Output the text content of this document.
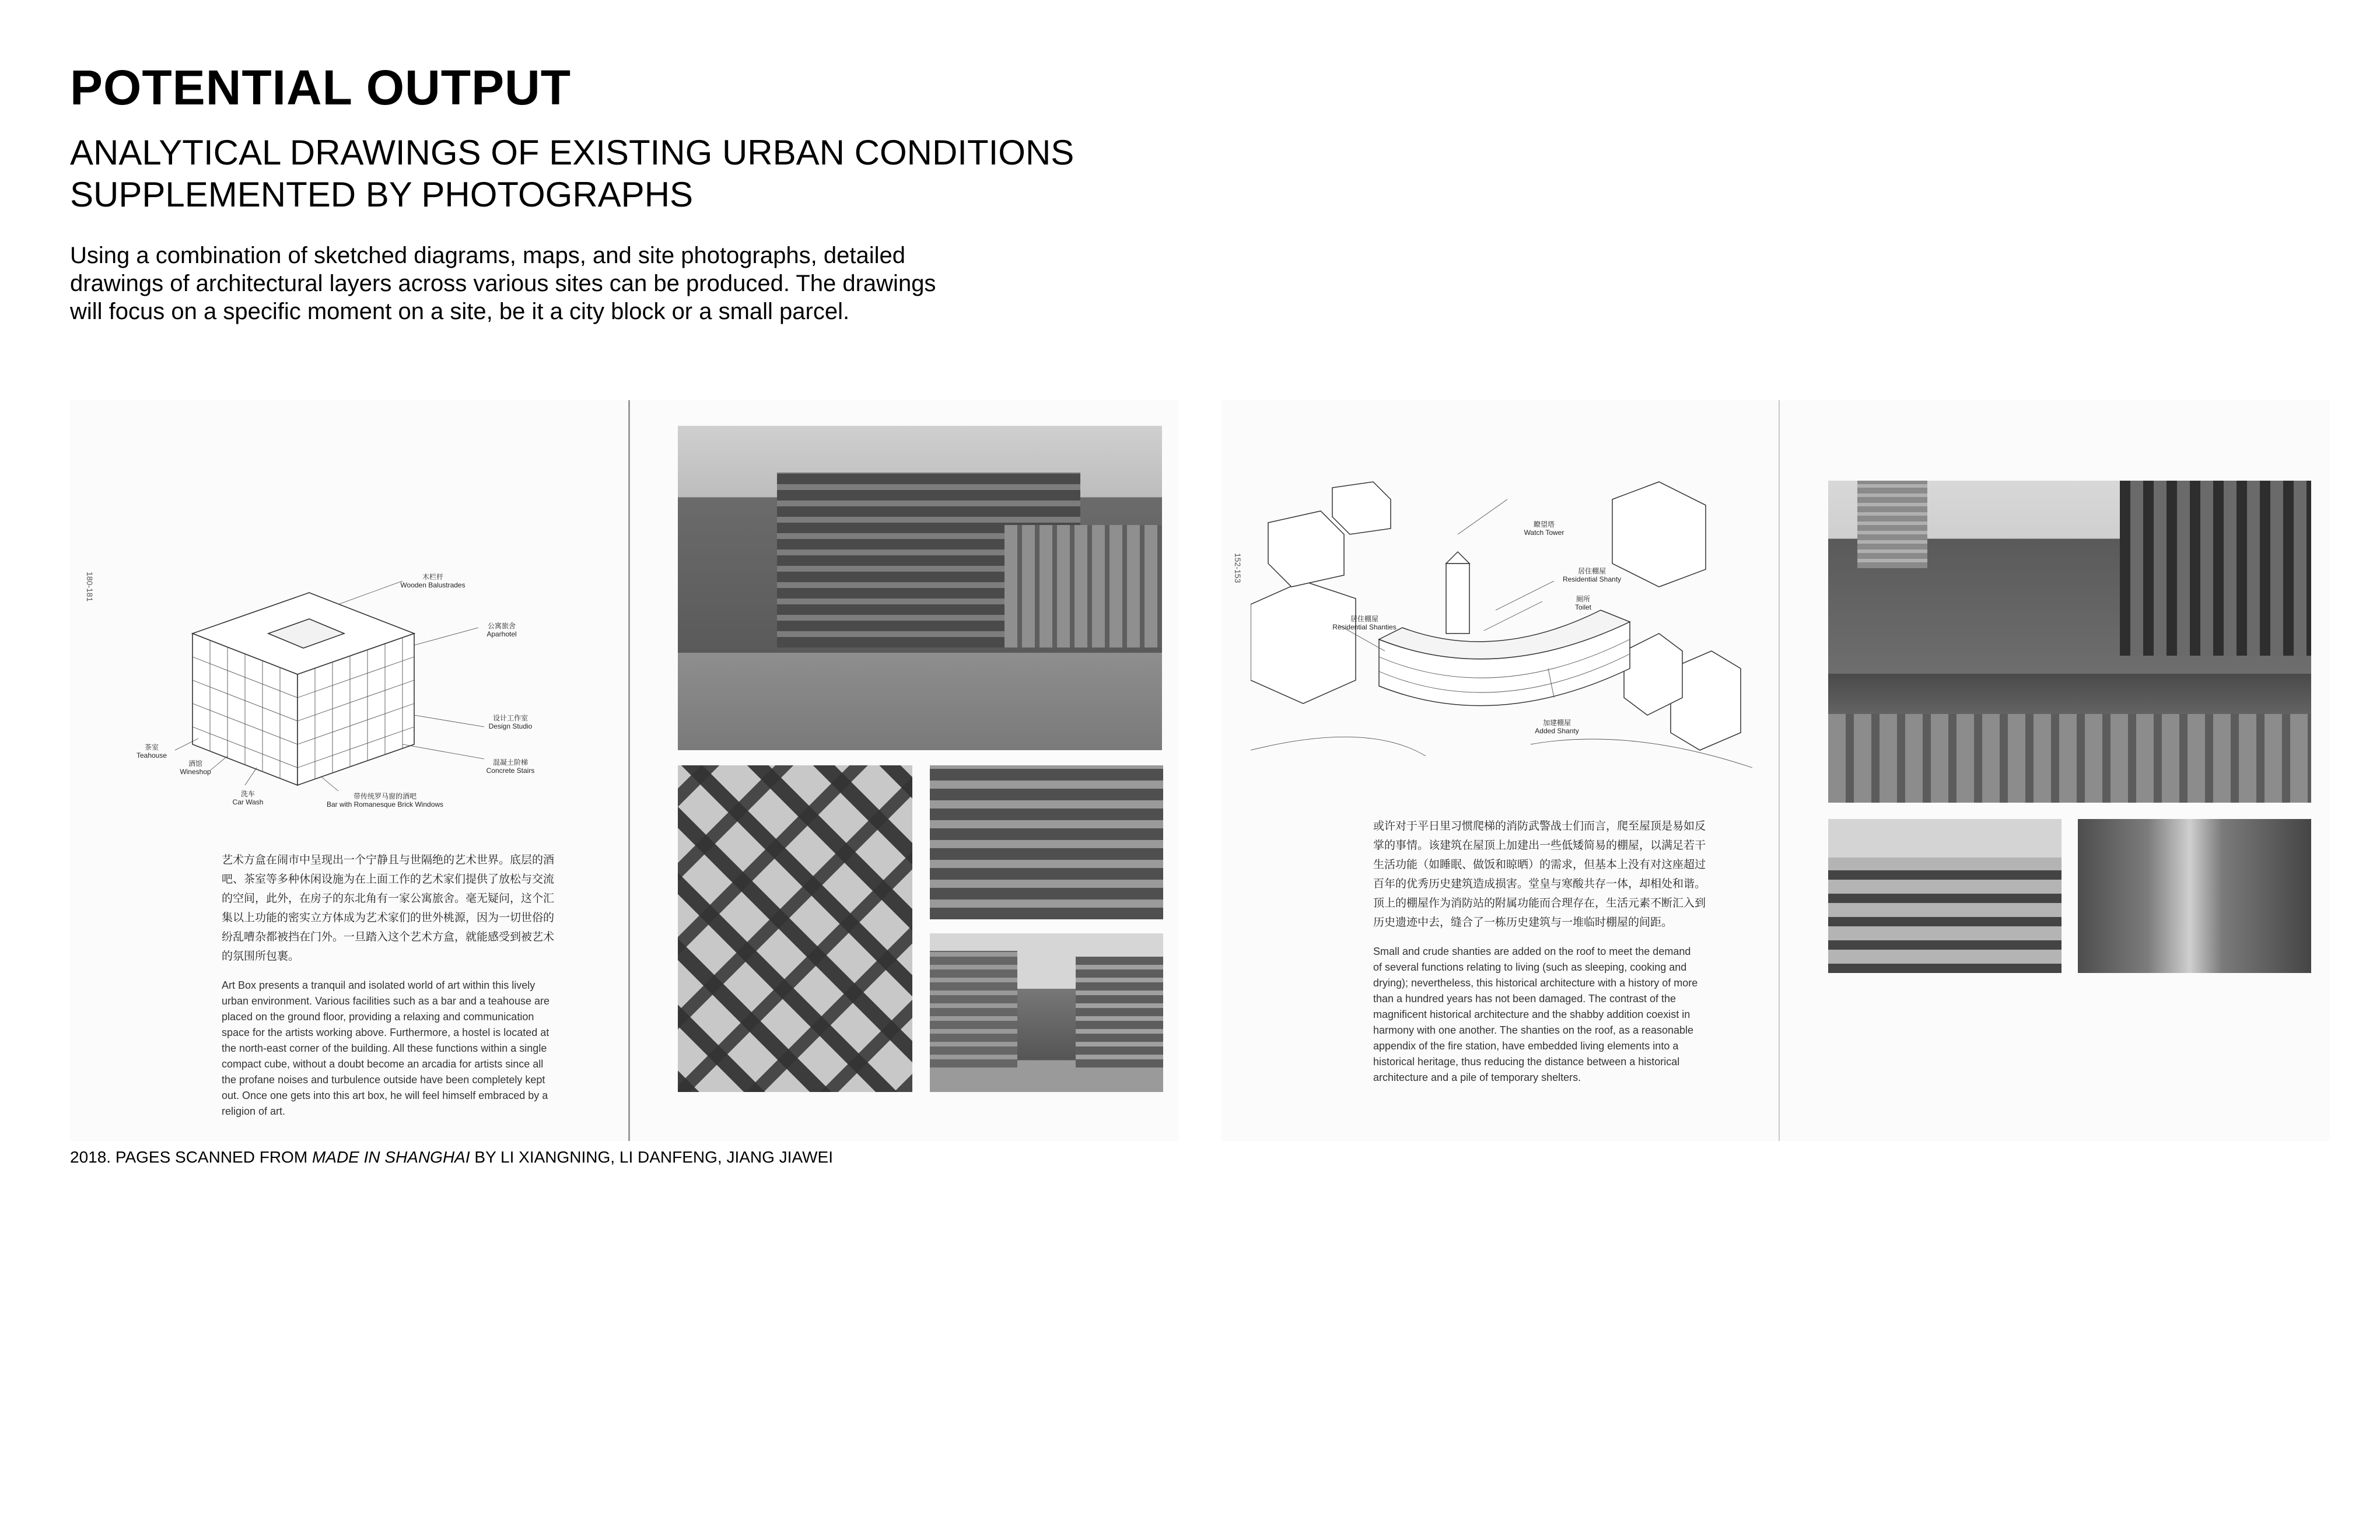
POTENTIAL OUTPUT

ANALYTICAL DRAWINGS OF EXISTING URBAN CONDITIONS

SUPPLEMENTED BY PHOTOGRAPHS

Using a combination of sketched diagrams, maps, and site photographs, detailed

drawings of architectural layers across various sites can be produced. The drawings

will focus on a specific moment on a site, be it a city block or a small parcel.

180-181	木栏杆
Wooden Balustrades
公寓旅舍
Aparhotel
设计工作室
Design Studio
混凝土阶梯
Concrete Stairs
茶室
Teahouse
酒馆
Wineshop
洗车
Car Wash
带传统罗马窗的酒吧
Bar with Romanesque Brick Windows
艺术方盒在闹市中呈现出一个宁静且与世隔绝的艺术世界。底层的酒
吧、茶室等多种休闲设施为在上面工作的艺术家们提供了放松与交流
的空间，此外，在房子的东北角有一家公寓旅舍。毫无疑问，这个汇
集以上功能的密实立方体成为艺术家们的世外桃源，因为一切世俗的
纷乱嘈杂都被挡在门外。一旦踏入这个艺术方盒，就能感受到被艺术
的氛围所包裹。
Art Box presents a tranquil and isolated world of art within this lively
urban environment. Various facilities such as a bar and a teahouse are
placed on the ground floor, providing a relaxing and communication
space for the artists working above. Furthermore, a hostel is located at
the north-east corner of the building. All these functions within a single
compact cube, without a doubt become an arcadia for artists since all
the profane noises and turbulence outside have been completely kept
out. Once one gets into this art box, he will feel himself embraced by a
religion of art.
152-153
瞭望塔
Watch Tower
居住棚屋
Residential Shanty
厕所
Toilet
居住棚屋
Residential Shanties
加建棚屋
Added Shanty
或许对于平日里习惯爬梯的消防武警战士们而言，爬至屋顶是易如反
掌的事情。该建筑在屋顶上加建出一些低矮简易的棚屋，以满足若干
生活功能（如睡眠、做饭和晾晒）的需求，但基本上没有对这座超过
百年的优秀历史建筑造成损害。堂皇与寒酸共存一体，却相处和谐。
顶上的棚屋作为消防站的附属功能而合理存在，生活元素不断汇入到
历史遗迹中去，缝合了一栋历史建筑与一堆临时棚屋的间距。
Small and crude shanties are added on the roof to meet the demand
of several functions relating to living (such as sleeping, cooking and
drying); nevertheless, this historical architecture with a history of more
than a hundred years has not been damaged. The contrast of the
magnificent historical architecture and the shabby addition coexist in
harmony with one another. The shanties on the roof, as a reasonable
appendix of the fire station, have embedded living elements into a
historical heritage, thus reducing the distance between a historical
architecture and a pile of temporary shelters.
2018. PAGES SCANNED FROM MADE IN SHANGHAI BY LI XIANGNING, LI DANFENG, JIANG JIAWEI
